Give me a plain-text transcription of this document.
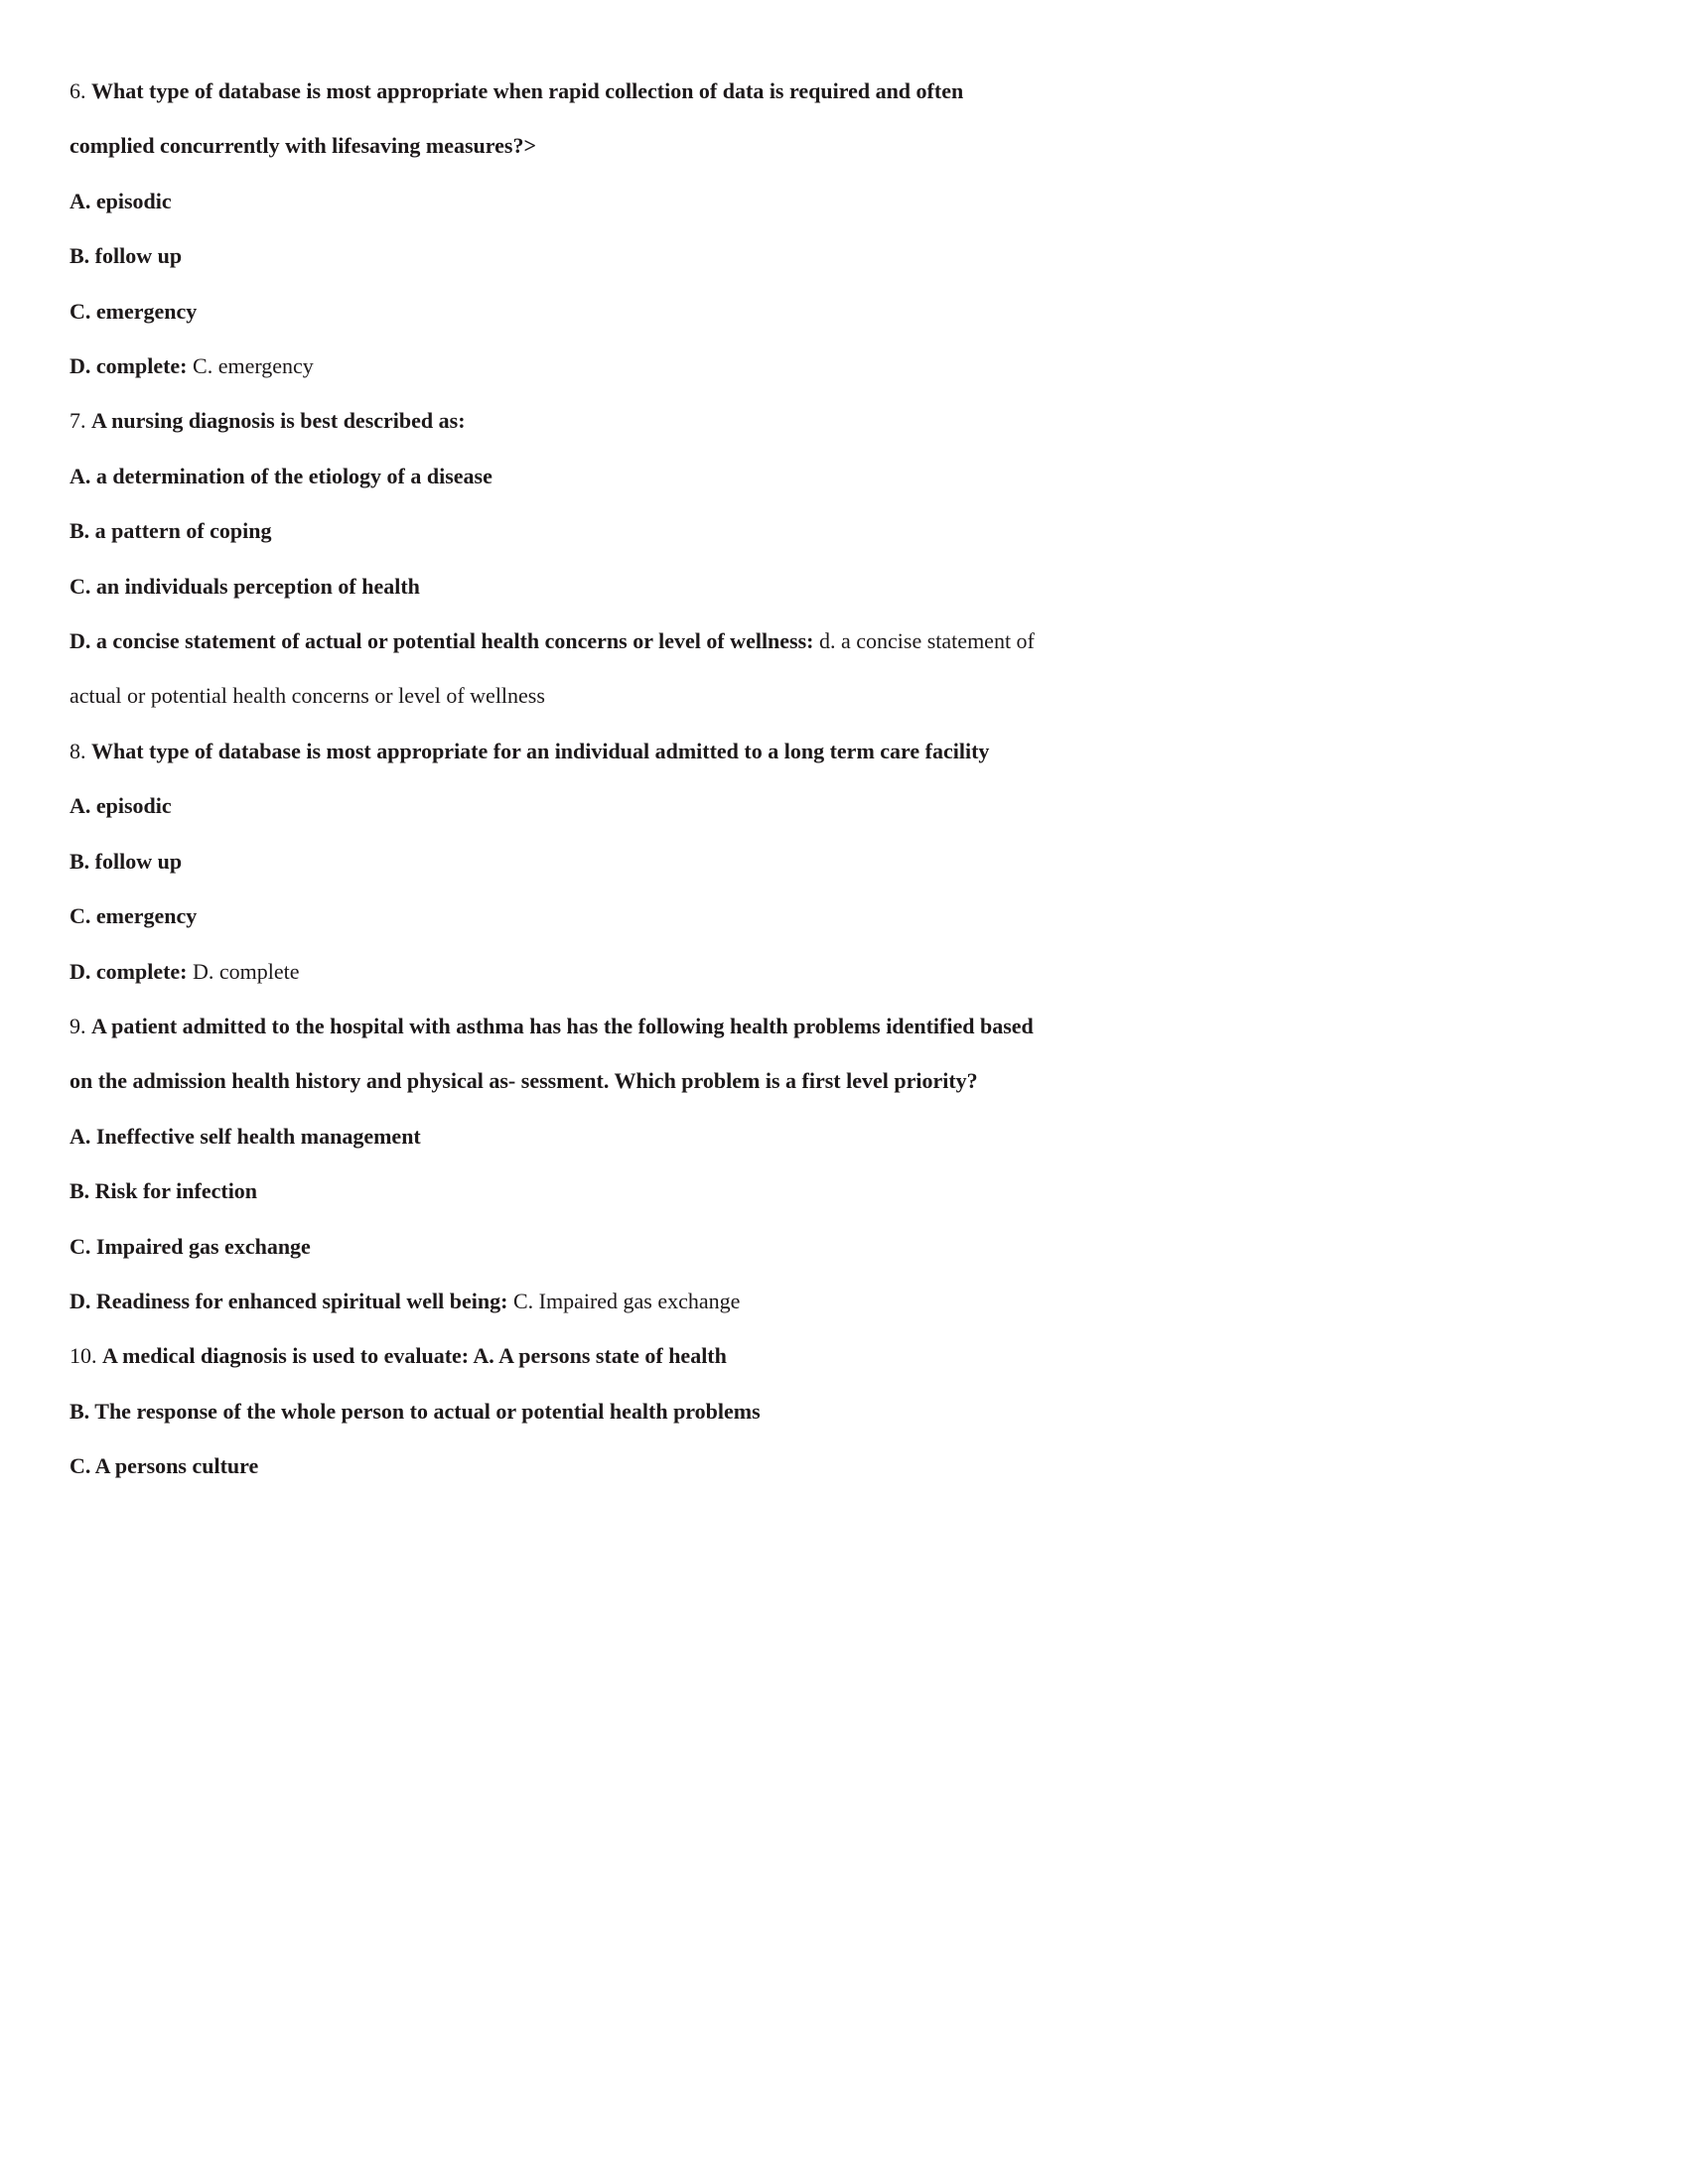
6. What type of database is most appropriate when rapid collection of data is required and often
complied concurrently with lifesaving measures?>
A. episodic
B. follow up
C. emergency
D. complete: C. emergency
7. A nursing diagnosis is best described as:
A. a determination of the etiology of a disease
B. a pattern of coping
C. an individuals perception of health
D. a concise statement of actual or potential health concerns or level of wellness: d. a concise statement of
actual or potential health concerns or level of wellness
8. What type of database is most appropriate for an individual admitted to a long term care facility
A. episodic
B. follow up
C. emergency
D. complete: D. complete
9. A patient admitted to the hospital with asthma has has the following health problems identified based
on the admission health history and physical as- sessment. Which problem is a first level priority?
A. Ineffective self health management
B. Risk for infection
C. Impaired gas exchange
D. Readiness for enhanced spiritual well being: C. Impaired gas exchange
10. A medical diagnosis is used to evaluate: A. A persons state of health
B. The response of the whole person to actual or potential health problems
C. A persons culture
